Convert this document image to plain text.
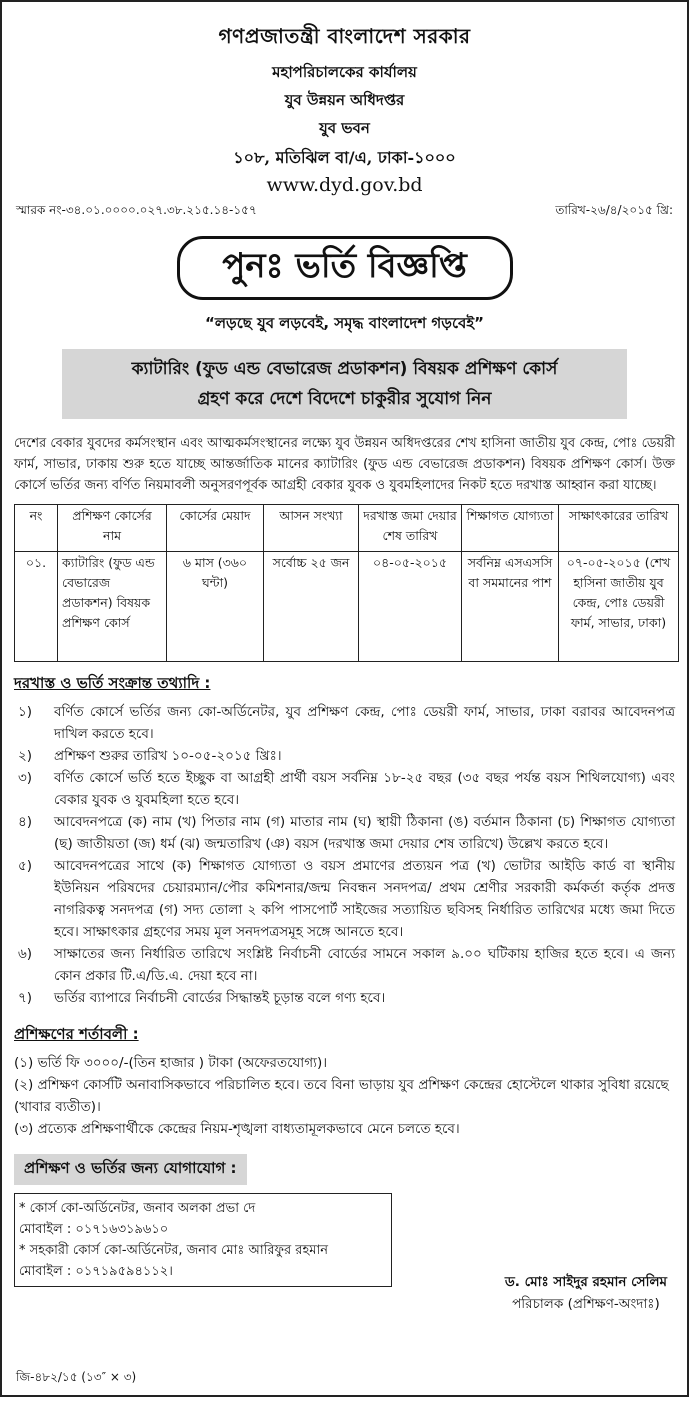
গণপ্রজাতন্ত্রী বাংলাদেশ সরকার
মহাপরিচালকের কার্যালয়
যুব উন্নয়ন অধিদপ্তর
যুব ভবন
১০৮, মতিঝিল বা/এ, ঢাকা-১০০০
www.dyd.gov.bd
স্মারক নং-৩৪.০১.০০০০.০২৭.৩৮.২১৫.১৪-১৫৭	তারিখ-২৬/৪/২০১৫ খ্রি:
পুনঃ ভর্তি বিজ্ঞপ্তি
“লড়ছে যুব লড়বেই, সমৃদ্ধ বাংলাদেশ গড়বেই”
ক্যাটারিং (ফুড এন্ড বেভারেজ প্রডাকশন) বিষয়ক প্রশিক্ষণ কোর্স
গ্রহণ করে দেশে বিদেশে চাকুরীর সুযোগ নিন
দেশের বেকার যুবদের কর্মসংস্থান এবং আত্মকর্মসংস্থানের লক্ষ্যে যুব উন্নয়ন অধিদপ্তরের শেখ হাসিনা জাতীয় যুব কেন্দ্র, পোঃ ডেয়রী ফার্ম, সাভার, ঢাকায় শুরু হতে যাচ্ছে আন্তর্জাতিক মানের ক্যাটারিং (ফুড এন্ড বেভারেজ প্রডাকশন) বিষয়ক প্রশিক্ষণ কোর্স। উক্ত কোর্সে ভর্তির জন্য বর্ণিত নিয়মাবলী অনুসরণপূর্বক আগ্রহী বেকার যুবক ও যুবমহিলাদের নিকট হতে দরখাস্ত আহ্বান করা যাচ্ছে।
নং	প্রশিক্ষণ কোর্সের নাম	কোর্সের মেয়াদ	আসন সংখ্যা	দরখাস্ত জমা দেয়ার শেষ তারিখ	শিক্ষাগত যোগ্যতা	সাক্ষাৎকারের তারিখ
০১.	ক্যাটারিং (ফুড এন্ড বেভারেজ প্রডাকশন) বিষয়ক প্রশিক্ষণ কোর্স	৬ মাস (৩৬০ ঘন্টা)	সর্বোচ্চ ২৫ জন	০৪-০৫-২০১৫	সর্বনিম্ন এসএসসি বা সমমানের পাশ	০৭-০৫-২০১৫ (শেখ হাসিনা জাতীয় যুব কেন্দ্র, পোঃ ডেয়রী ফার্ম, সাভার, ঢাকা)
দরখাস্ত ও ভর্তি সংক্রান্ত তথ্যাদি :
১)	বর্ণিত কোর্সে ভর্তির জন্য কো-অর্ডিনেটর, যুব প্রশিক্ষণ কেন্দ্র, পোঃ ডেয়রী ফার্ম, সাভার, ঢাকা বরাবর আবেদনপত্র দাখিল করতে হবে।
২)	প্রশিক্ষণ শুরুর তারিখ ১০-০৫-২০১৫ খ্রিঃ।
৩)	বর্ণিত কোর্সে ভর্তি হতে ইচ্ছুক বা আগ্রহী প্রার্থী বয়স সর্বনিম্ন ১৮-২৫ বছর (৩৫ বছর পর্যন্ত বয়স শিথিলযোগ্য) এবং বেকার যুবক ও যুবমহিলা হতে হবে।
৪)	আবেদনপত্রে (ক) নাম (খ) পিতার নাম (গ) মাতার নাম (ঘ) স্থায়ী ঠিকানা (ঙ) বর্তমান ঠিকানা (চ) শিক্ষাগত যোগ্যতা (ছ) জাতীয়তা (জ) ধর্ম (ঝ) জন্মতারিখ (ঞ) বয়স (দরখাস্ত জমা দেয়ার শেষ তারিখে) উল্লেখ করতে হবে।
৫)	আবেদনপত্রের সাথে (ক) শিক্ষাগত যোগ্যতা ও বয়স প্রমাণের প্রত্যয়ন পত্র (খ) ভোটার আইডি কার্ড বা স্থানীয় ইউনিয়ন পরিষদের চেয়ারম্যান/পৌর কমিশনার/জন্ম নিবন্ধন সনদপত্র/ প্রথম শ্রেণীর সরকারী কর্মকর্তা কর্তৃক প্রদত্ত নাগরিকত্ব সনদপত্র (গ) সদ্য তোলা ২ কপি পাসপোর্ট সাইজের সত্যায়িত ছবিসহ নির্ধারিত তারিখের মধ্যে জমা দিতে হবে। সাক্ষাৎকার গ্রহণের সময় মূল সনদপত্রসমূহ সঙ্গে আনতে হবে।
৬)	সাক্ষাতের জন্য নির্ধারিত তারিখে সংশ্লিষ্ট নির্বাচনী বোর্ডের সামনে সকাল ৯.০০ ঘটিকায় হাজির হতে হবে। এ জন্য কোন প্রকার টি.এ/ডি.এ. দেয়া হবে না।
৭)	ভর্তির ব্যাপারে নির্বাচনী বোর্ডের সিদ্ধান্তই চূড়ান্ত বলে গণ্য হবে।
প্রশিক্ষণের শর্তাবলী :
(১) ভর্তি ফি ৩০০০/-(তিন হাজার ) টাকা (অফেরতযোগ্য)।
(২) প্রশিক্ষণ কোর্সটি অনাবাসিকভাবে পরিচালিত হবে। তবে বিনা ভাড়ায় যুব প্রশিক্ষণ কেন্দ্রের হোস্টেলে থাকার সুবিধা রয়েছে (খাবার ব্যতীত)।
(৩) প্রত্যেক প্রশিক্ষণার্থীকে কেন্দ্রের নিয়ম-শৃঙ্খলা বাধ্যতামূলকভাবে মেনে চলতে হবে।
প্রশিক্ষণ ও ভর্তির জন্য যোগাযোগ :
* কোর্স কো-অর্ডিনেটর, জনাব অলকা প্রভা দে
মোবাইল : ০১৭১৬৩১৯৬১০
* সহকারী কোর্স কো-অর্ডিনেটর, জনাব মোঃ আরিফুর রহমান
মোবাইল : ০১৭১৯৫৯৪১১২।
ড. মোঃ সাইদুর রহমান সেলিম
পরিচালক (প্রশিক্ষণ-অংদাঃ)
জি-৪৮২/১৫ (১৩″ × ৩)
